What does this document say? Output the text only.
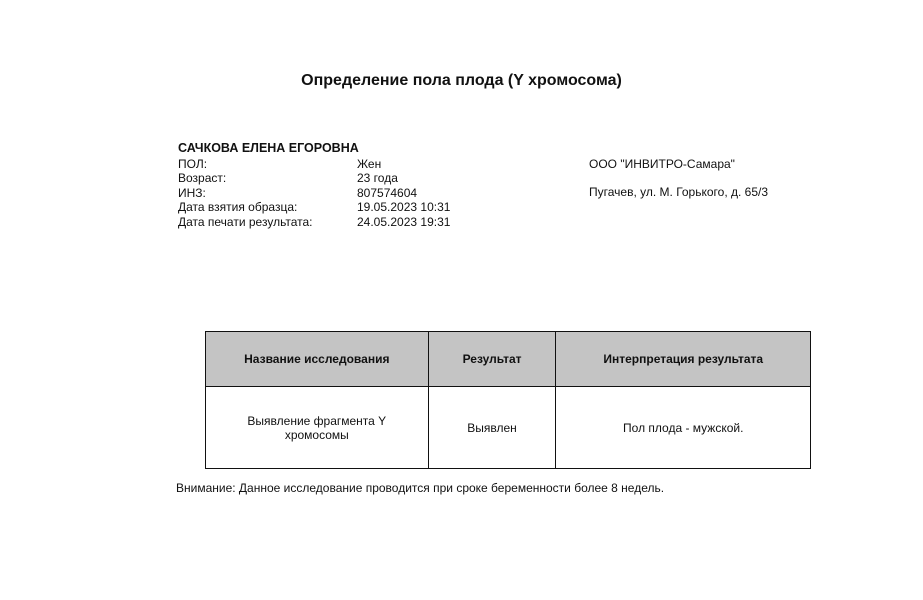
Определение пола плода (Y хромосома)
САЧКОВА ЕЛЕНА ЕГОРОВНА
ПОЛ:	Жен
Возраст:	23 года
ИНЗ:	807574604
Дата взятия образца:	19.05.2023 10:31
Дата печати результата:	24.05.2023 19:31
ООО "ИНВИТРО-Самара"
Пугачев, ул. М. Горького, д. 65/3
Название исследования	Результат	Интерпретация результата
Выявление фрагмента Y хромосомы	Выявлен	Пол плода - мужской.
Внимание: Данное исследование проводится при сроке беременности более 8 недель.
